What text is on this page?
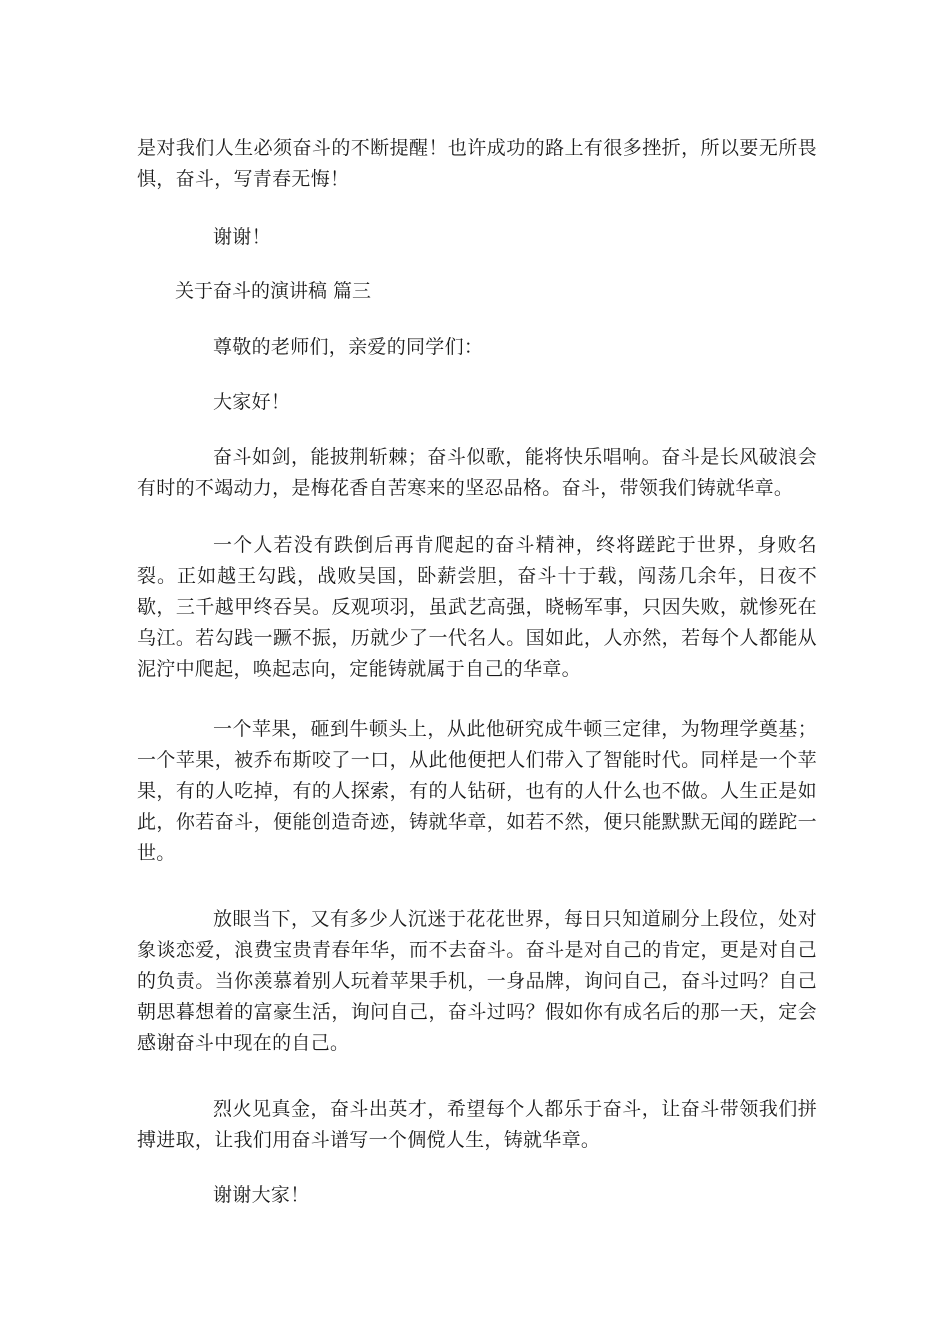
是对我们人生必须奋斗的不断提醒！也许成功的路上有很多挫折，所以要无所畏惧，奋斗，写青春无悔！

谢谢！

关于奋斗的演讲稿 篇三

尊敬的老师们，亲爱的同学们：

大家好！

奋斗如剑，能披荆斩棘；奋斗似歌，能将快乐唱响。奋斗是长风破浪会有时的不竭动力，是梅花香自苦寒来的坚忍品格。奋斗，带领我们铸就华章。

一个人若没有跌倒后再肯爬起的奋斗精神，终将蹉跎于世界，身败名裂。正如越王勾践，战败吴国，卧薪尝胆，奋斗十于载，闯荡几余年，日夜不歇，三千越甲终吞吴。反观项羽，虽武艺高强，晓畅军事，只因失败，就惨死在乌江。若勾践一蹶不振，历就少了一代名人。国如此，人亦然，若每个人都能从泥泞中爬起，唤起志向，定能铸就属于自己的华章。

一个苹果，砸到牛顿头上，从此他研究成牛顿三定律，为物理学奠基；一个苹果，被乔布斯咬了一口，从此他便把人们带入了智能时代。同样是一个苹果，有的人吃掉，有的人探索，有的人钻研，也有的人什么也不做。人生正是如此，你若奋斗，便能创造奇迹，铸就华章，如若不然，便只能默默无闻的蹉跎一世。

放眼当下，又有多少人沉迷于花花世界，每日只知道刷分上段位，处对象谈恋爱，浪费宝贵青春年华，而不去奋斗。奋斗是对自己的肯定，更是对自己的负责。当你羡慕着别人玩着苹果手机，一身品牌，询问自己，奋斗过吗？自己朝思暮想着的富豪生活，询问自己，奋斗过吗？假如你有成名后的那一天，定会感谢奋斗中现在的自己。

烈火见真金，奋斗出英才，希望每个人都乐于奋斗，让奋斗带领我们拼搏进取，让我们用奋斗谱写一个倜傥人生，铸就华章。

谢谢大家！
